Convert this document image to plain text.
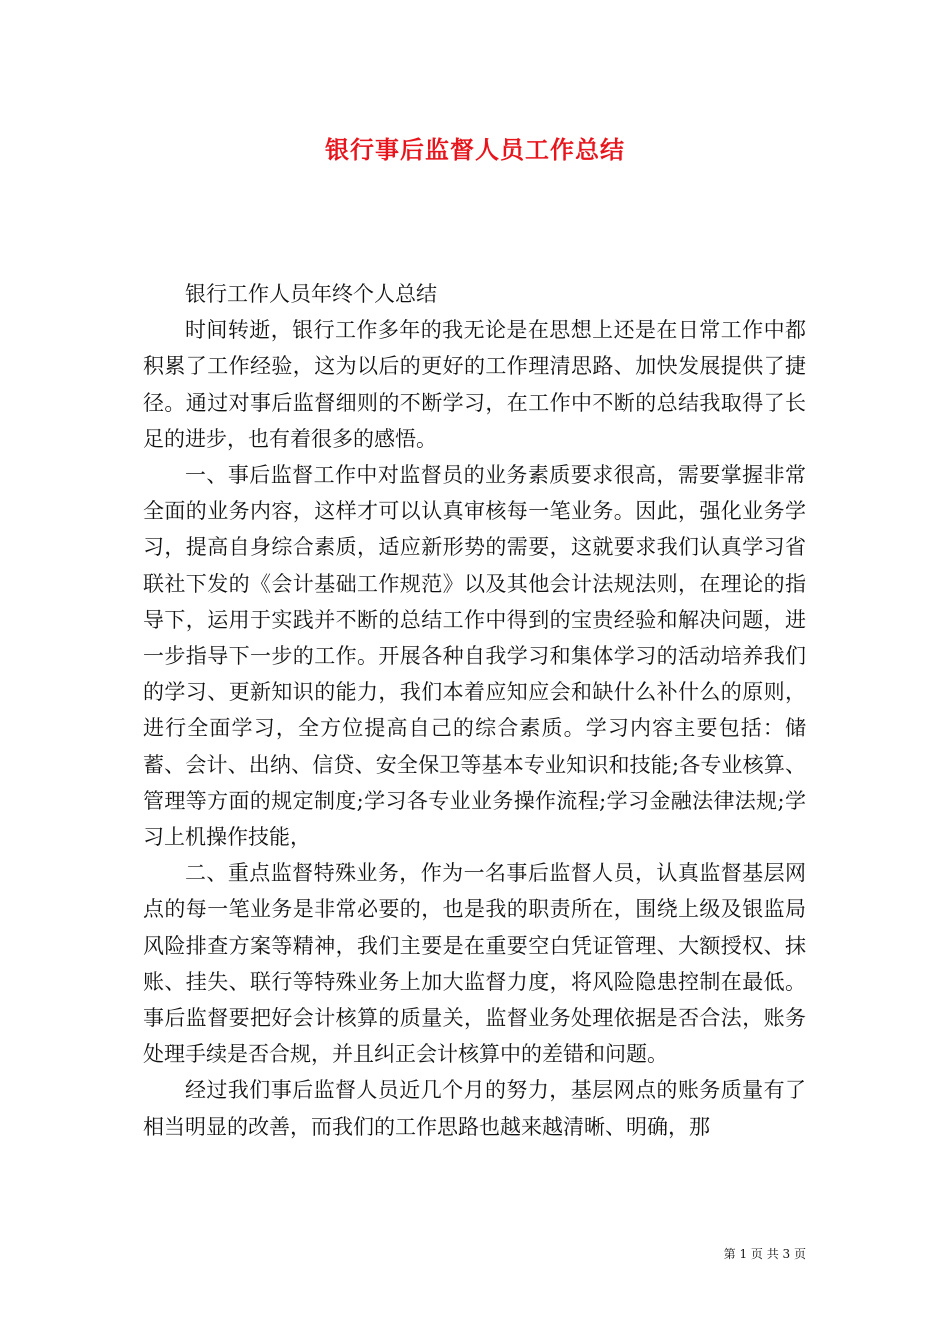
银行事后监督人员工作总结

银行工作人员年终个人总结

时间转逝，银行工作多年的我无论是在思想上还是在日常工作中都积累了工作经验，这为以后的更好的工作理清思路、加快发展提供了捷径。通过对事后监督细则的不断学习，在工作中不断的总结我取得了长足的进步，也有着很多的感悟。

一、事后监督工作中对监督员的业务素质要求很高，需要掌握非常全面的业务内容，这样才可以认真审核每一笔业务。因此，强化业务学习，提高自身综合素质，适应新形势的需要，这就要求我们认真学习省联社下发的《会计基础工作规范》以及其他会计法规法则，在理论的指导下，运用于实践并不断的总结工作中得到的宝贵经验和解决问题，进一步指导下一步的工作。开展各种自我学习和集体学习的活动培养我们的学习、更新知识的能力，我们本着应知应会和缺什么补什么的原则，进行全面学习，全方位提高自己的综合素质。学习内容主要包括：储蓄、会计、出纳、信贷、安全保卫等基本专业知识和技能;各专业核算、管理等方面的规定制度;学习各专业业务操作流程;学习金融法律法规;学习上机操作技能，

二、重点监督特殊业务，作为一名事后监督人员，认真监督基层网点的每一笔业务是非常必要的，也是我的职责所在，围绕上级及银监局风险排查方案等精神，我们主要是在重要空白凭证管理、大额授权、抹账、挂失、联行等特殊业务上加大监督力度，将风险隐患控制在最低。事后监督要把好会计核算的质量关，监督业务处理依据是否合法，账务处理手续是否合规，并且纠正会计核算中的差错和问题。

经过我们事后监督人员近几个月的努力，基层网点的账务质量有了相当明显的改善，而我们的工作思路也越来越清晰、明确，那

第 1 页 共 3 页
